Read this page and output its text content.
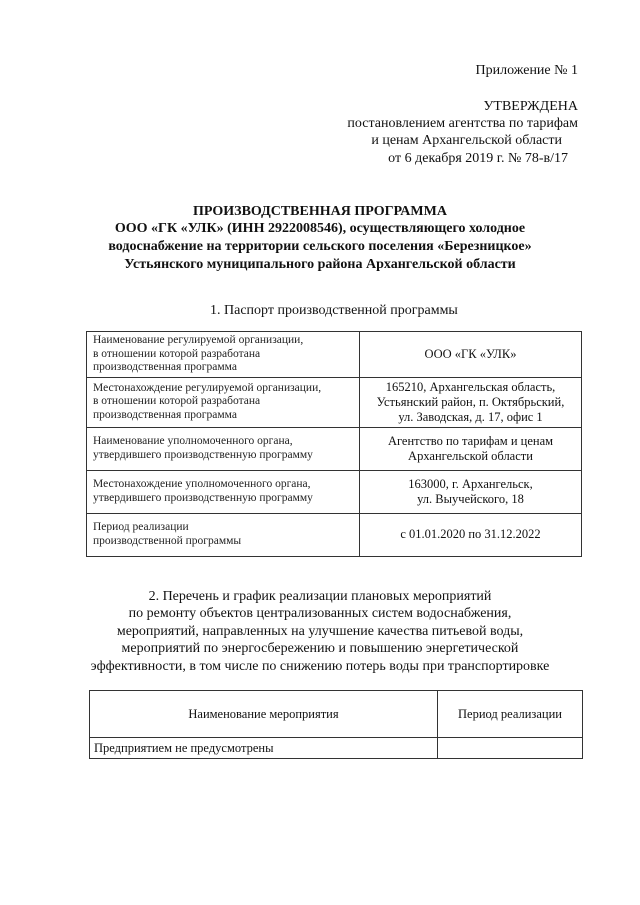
Приложение № 1
УТВЕРЖДЕНА
постановлением агентства по тарифам
и ценам Архангельской области
от 6 декабря 2019 г. № 78-в/17
ПРОИЗВОДСТВЕННАЯ ПРОГРАММА
ООО «ГК «УЛК» (ИНН 2922008546), осуществляющего холодное
водоснабжение на территории сельского поселения «Березницкое»
Устьянского муниципального района Архангельской области
1. Паспорт производственной программы
Наименование регулируемой организации,
в отношении которой разработана
производственная программа	ООО «ГК «УЛК»

Местонахождение регулируемой организации,
в отношении которой разработана
производственная программа	165210, Архангельская область,
Устьянский район, п. Октябрьский,
ул. Заводская, д. 17, офис 1

Наименование уполномоченного органа,
утвердившего производственную программу	Агентство по тарифам и ценам
Архангельской области

Местонахождение уполномоченного органа,
утвердившего производственную программу	163000, г. Архангельск,
ул. Выучейского, 18

Период реализации
производственной программы	с 01.01.2020 по 31.12.2022
2. Перечень и график реализации плановых мероприятий
по ремонту объектов централизованных систем водоснабжения,
мероприятий, направленных на улучшение качества питьевой воды,
мероприятий по энергосбережению и повышению энергетической
эффективности, в том числе по снижению потерь воды при транспортировке
Наименование мероприятия	Период реализации
Предприятием не предусмотрены	
